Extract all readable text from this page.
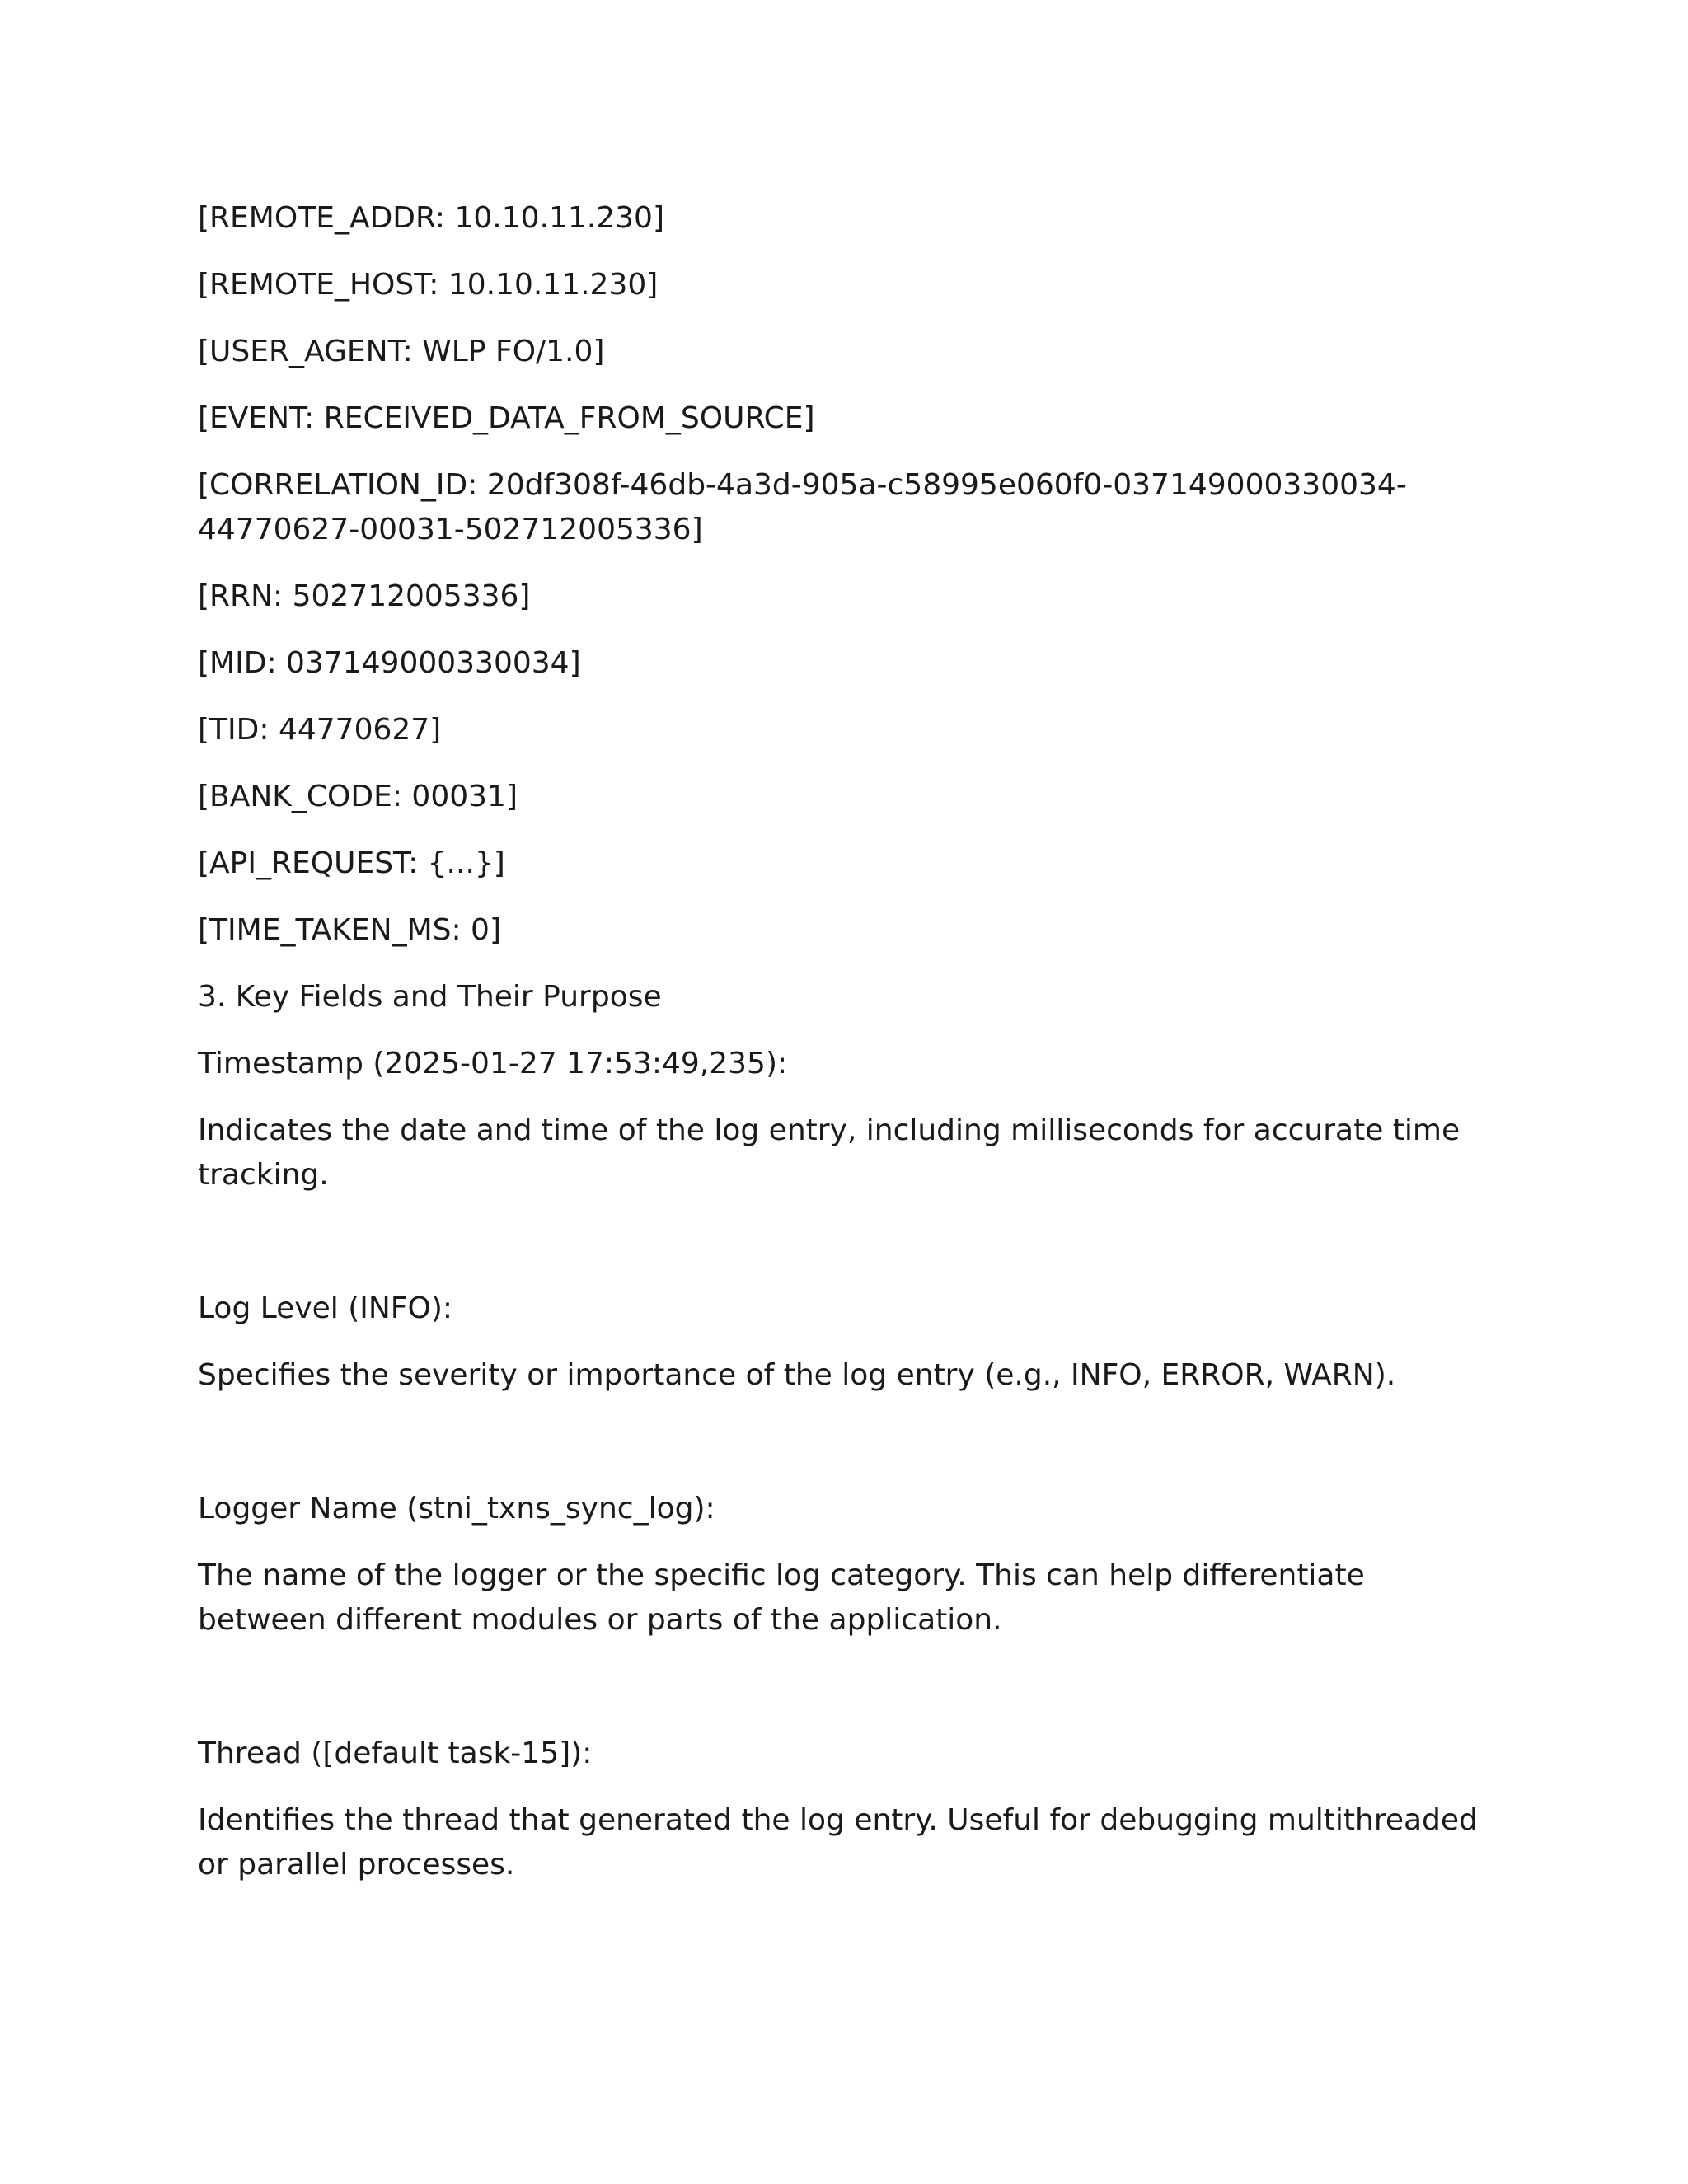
[REMOTE_ADDR: 10.10.11.230]

[REMOTE_HOST: 10.10.11.230]

[USER_AGENT: WLP FO/1.0]

[EVENT: RECEIVED_DATA_FROM_SOURCE]

[CORRELATION_ID: 20df308f-46db-4a3d-905a-c58995e060f0-037149000330034-44770627-00031-502712005336]

[RRN: 502712005336]

[MID: 037149000330034]

[TID: 44770627]

[BANK_CODE: 00031]

[API_REQUEST: {...}]

[TIME_TAKEN_MS: 0]

3. Key Fields and Their Purpose

Timestamp (2025-01-27 17:53:49,235):

Indicates the date and time of the log entry, including milliseconds for accurate time tracking.

Log Level (INFO):

Specifies the severity or importance of the log entry (e.g., INFO, ERROR, WARN).

Logger Name (stni_txns_sync_log):

The name of the logger or the specific log category. This can help differentiate between different modules or parts of the application.

Thread ([default task-15]):

Identifies the thread that generated the log entry. Useful for debugging multithreaded or parallel processes.
